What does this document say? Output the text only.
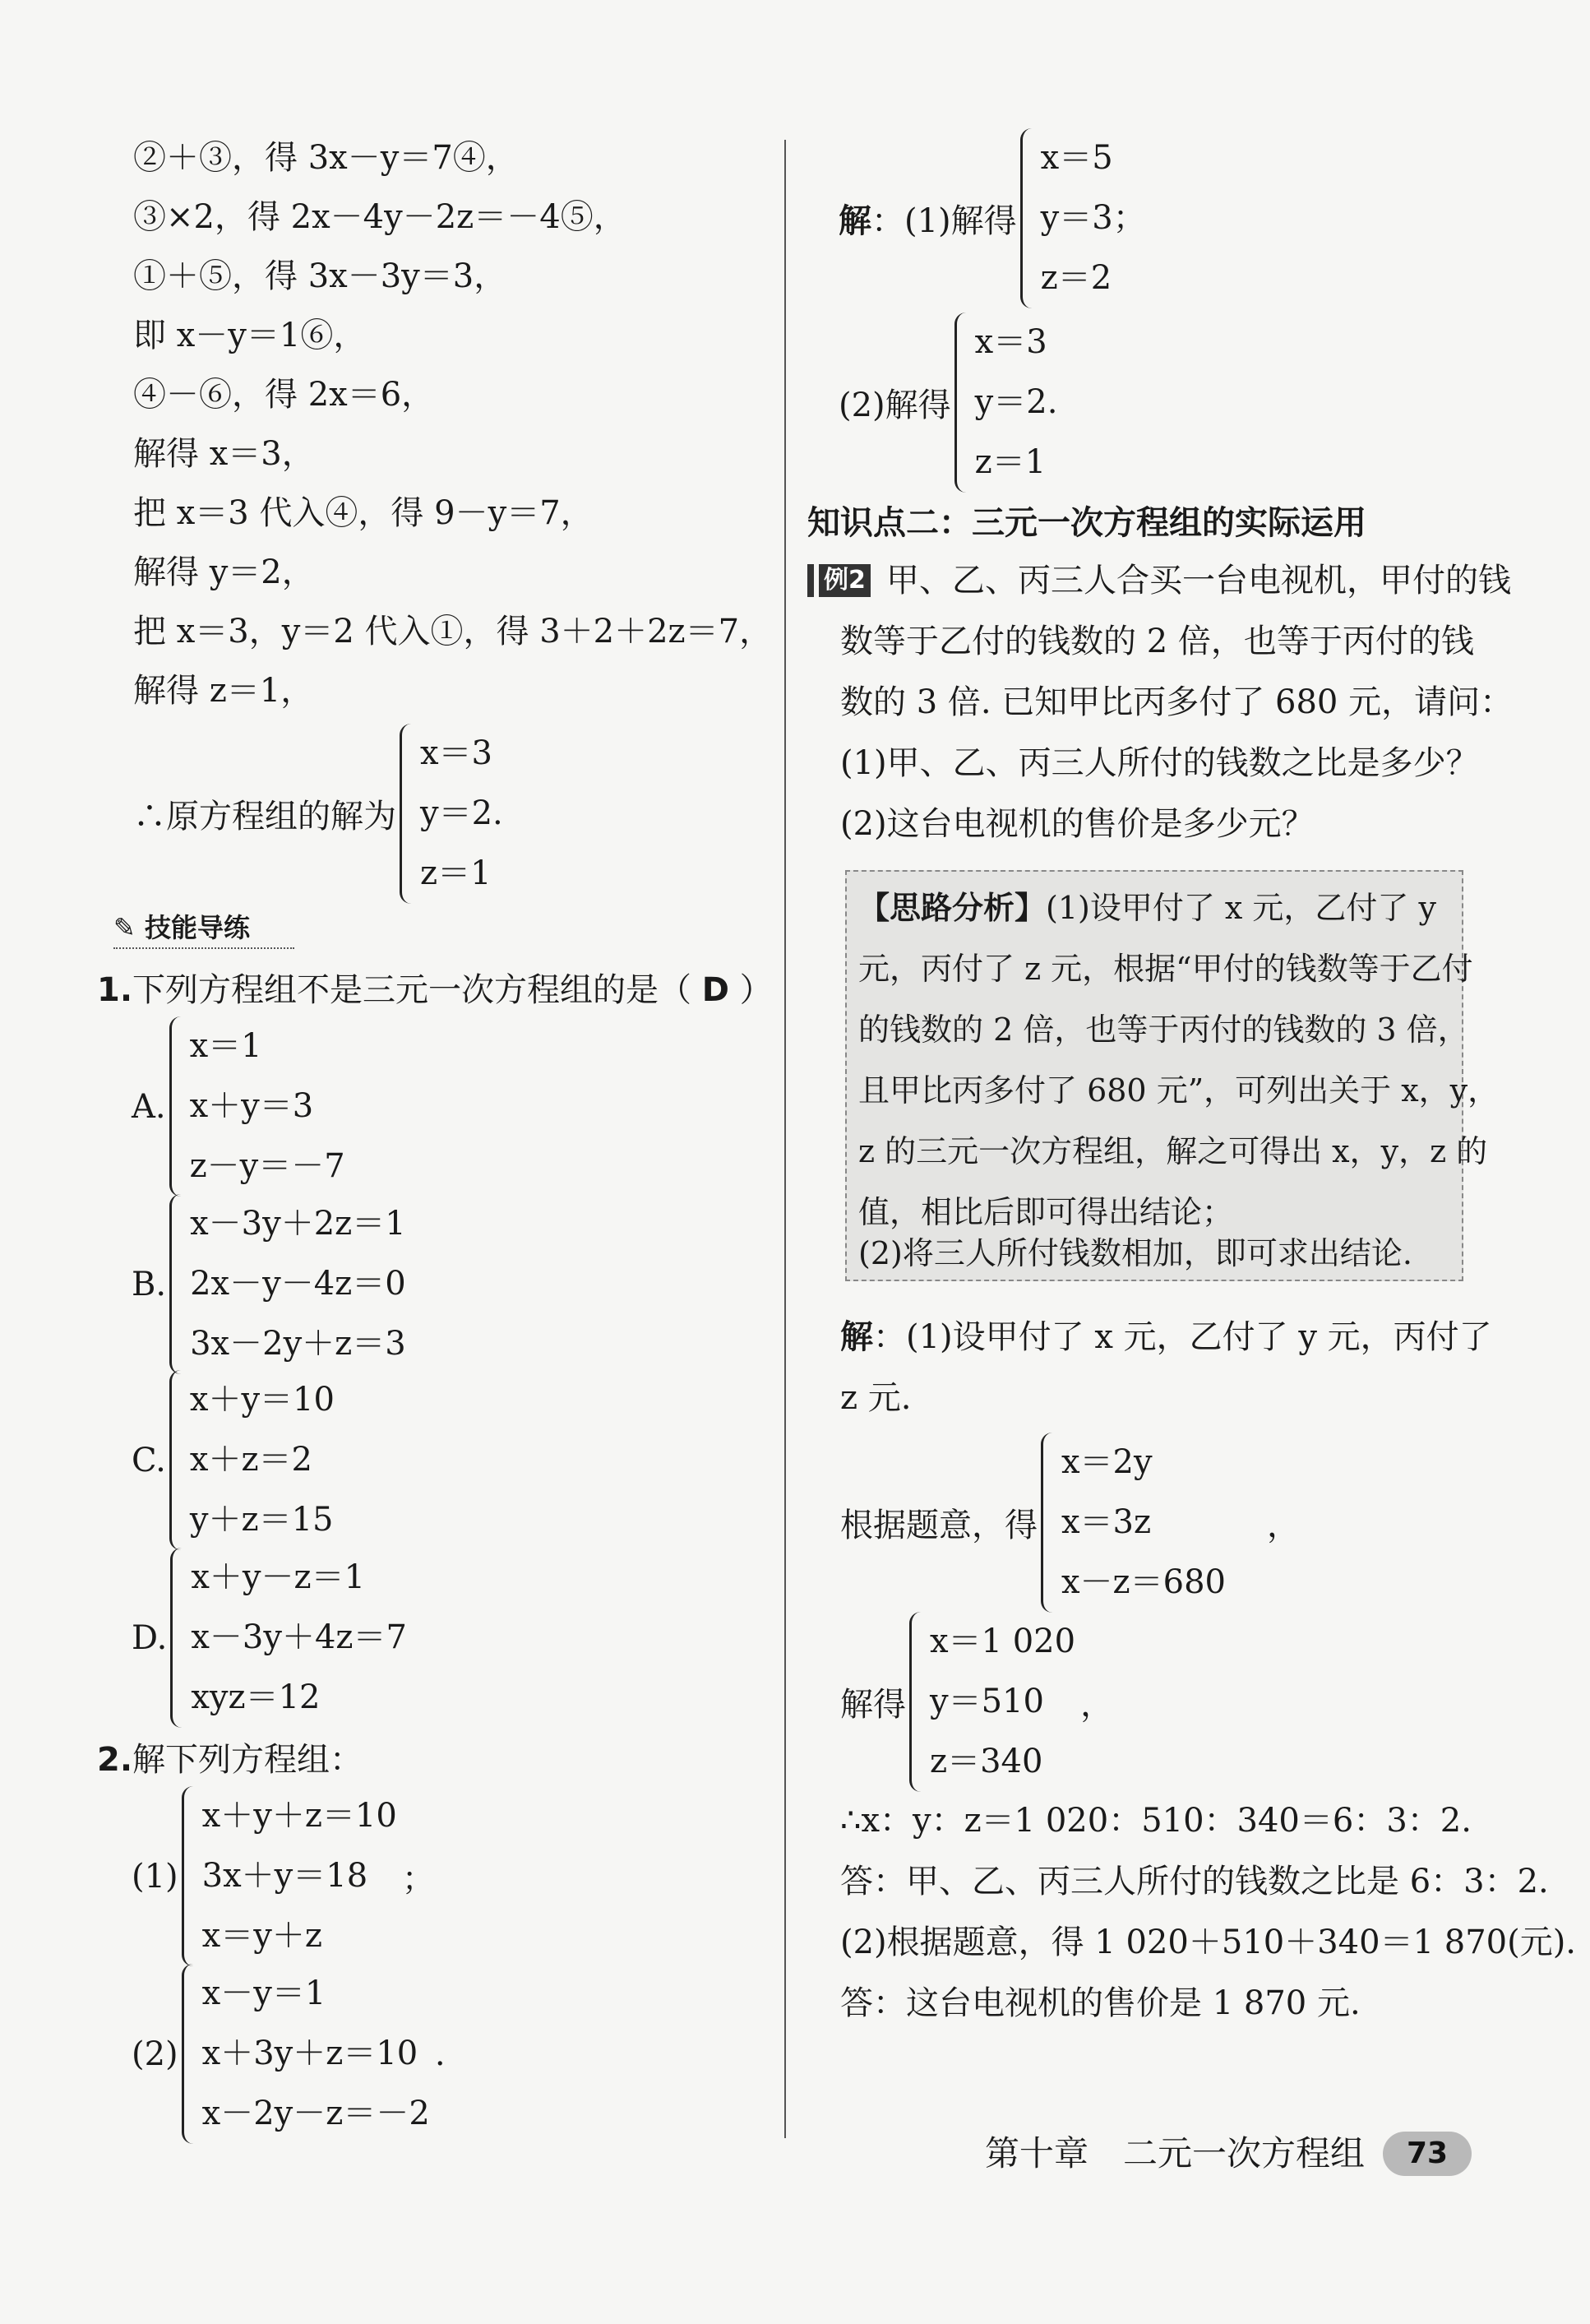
②＋③，得 3x－y＝7④，
③×2，得 2x－4y－2z＝－4⑤，
①＋⑤，得 3x－3y＝3，
即 x－y＝1⑥，
④－⑥，得 2x＝6，
解得 x＝3，
把 x＝3 代入④，得 9－y＝7，
解得 y＝2，
把 x＝3，y＝2 代入①，得 3＋2＋2z＝7，
解得 z＝1，
∴原方程组的解为
x＝3
y＝2.
z＝1
✎ 技能导练
1.下列方程组不是三元一次方程组的是（ D ）
A.
x＝1
x＋y＝3
z－y＝－7
B.
x－3y＋2z＝1
2x－y－4z＝0
3x－2y＋z＝3
C.
x＋y＝10
x＋z＝2
y＋z＝15
D.
x＋y－z＝1
x－3y＋4z＝7
xyz＝12
2.解下列方程组：
(1)
x＋y＋z＝10
3x＋y＝18
x＝y＋z
；
(2)
x－y＝1
x＋3y＋z＝10
x－2y－z＝－2
.
解：(1)解得
x＝5
y＝3；
z＝2
(2)解得
x＝3
y＝2.
z＝1
知识点二：三元一次方程组的实际运用
例2 甲、乙、丙三人合买一台电视机，甲付的钱
数等于乙付的钱数的 2 倍，也等于丙付的钱
数的 3 倍. 已知甲比丙多付了 680 元，请问：
(1)甲、乙、丙三人所付的钱数之比是多少？
(2)这台电视机的售价是多少元？
【思路分析】(1)设甲付了 x 元，乙付了 y
元，丙付了 z 元，根据“甲付的钱数等于乙付
的钱数的 2 倍，也等于丙付的钱数的 3 倍，
且甲比丙多付了 680 元”，可列出关于 x，y，
z 的三元一次方程组，解之可得出 x，y，z 的
值，相比后即可得出结论；
(2)将三人所付钱数相加，即可求出结论.
解：(1)设甲付了 x 元，乙付了 y 元，丙付了
z 元.
根据题意，得
x＝2y
x＝3z
x－z＝680
，
解得
x＝1 020
y＝510
z＝340
，
∴x：y：z＝1 020：510：340＝6：3：2.
答：甲、乙、丙三人所付的钱数之比是 6：3：2.
(2)根据题意，得 1 020＋510＋340＝1 870(元).
答：这台电视机的售价是 1 870 元.
第十章　二元一次方程组	73
